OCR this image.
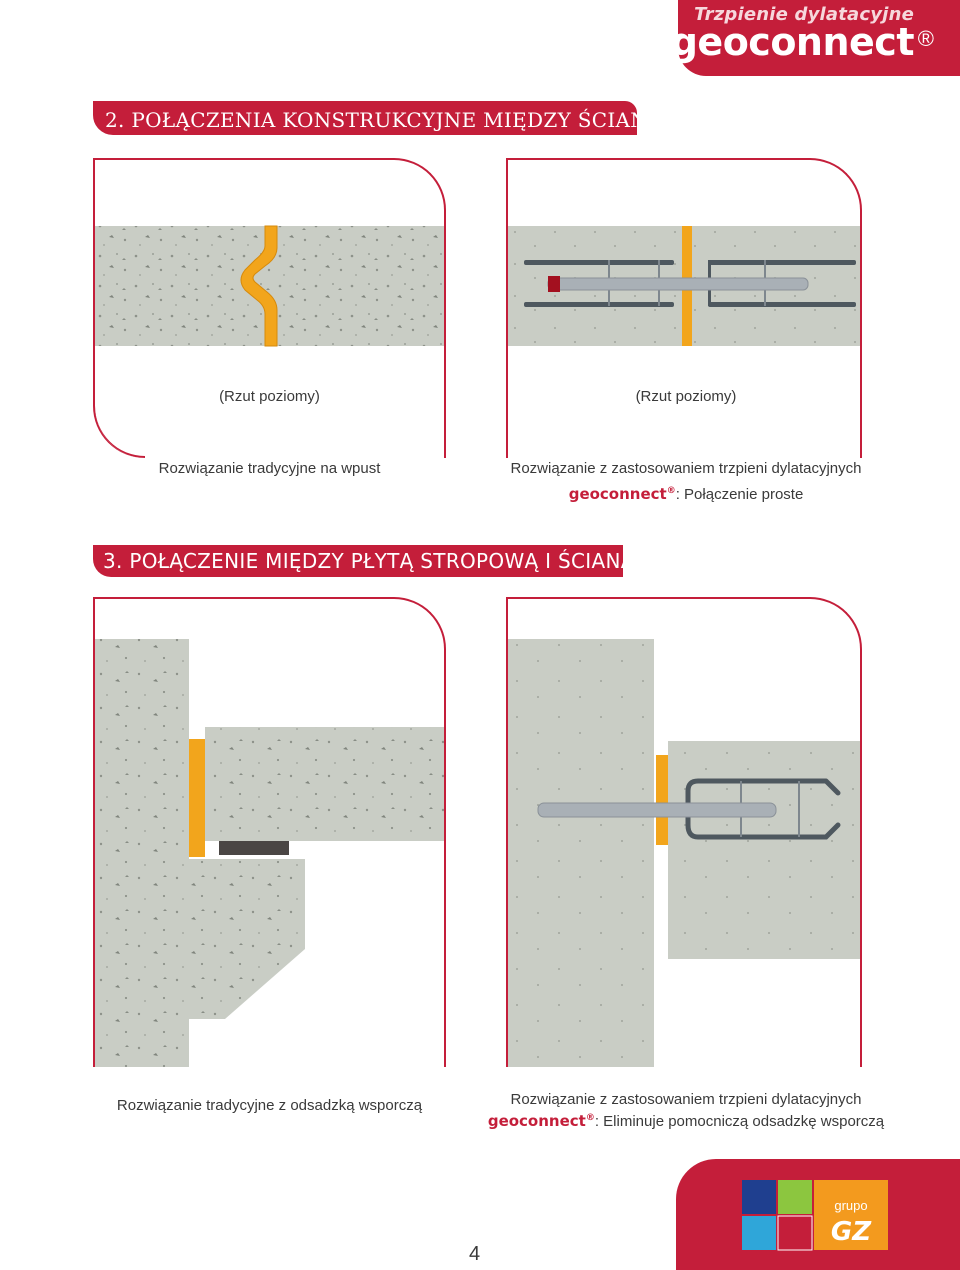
Trzpienie dylatacyjne
geoconnect ®
2. POŁĄCZENIA KONSTRUKCYJNE MIĘDZY ŚCIANAMI
(Rzut poziomy)
Rozwiązanie tradycyjne na wpust
(Rzut poziomy)
Rozwiązanie z zastosowaniem trzpieni dylatacyjnych
geoconnect®: Połączenie proste
3. POŁĄCZENIE MIĘDZY PŁYTĄ STROPOWĄ I ŚCIANĄ
Rozwiązanie tradycyjne z odsadzką wsporczą	Rozwiązanie z zastosowaniem trzpieni dylatacyjnych
geoconnect®: Eliminuje pomocniczą odsadzkę wsporczą
4
grupo
GZ
